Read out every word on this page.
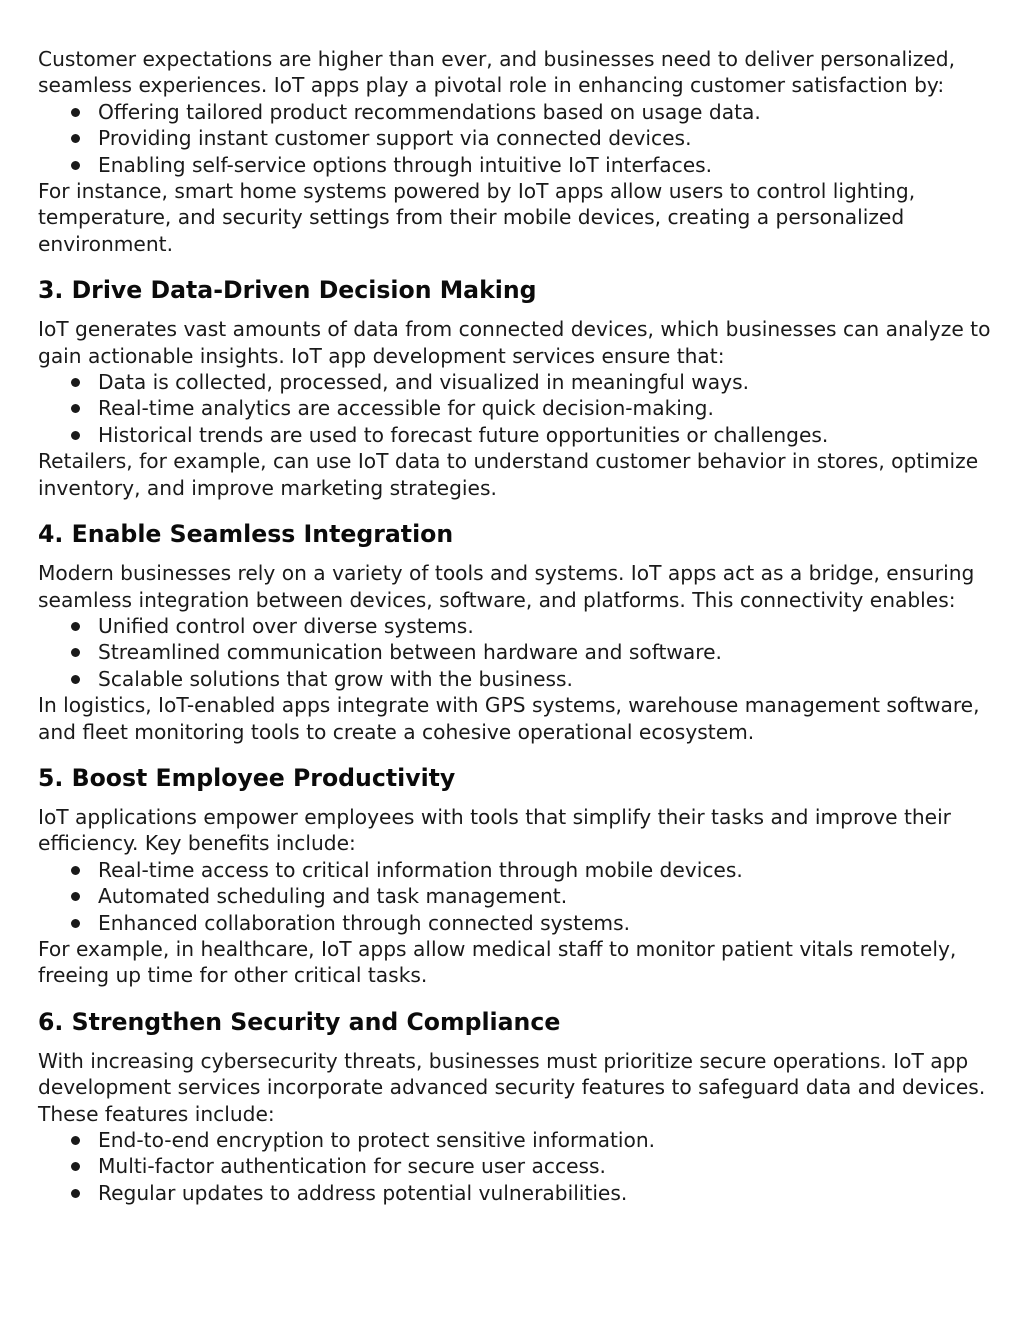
Customer expectations are higher than ever, and businesses need to deliver personalized, seamless experiences. IoT apps play a pivotal role in enhancing customer satisfaction by:

Offering tailored product recommendations based on usage data.
Providing instant customer support via connected devices.
Enabling self-service options through intuitive IoT interfaces.

For instance, smart home systems powered by IoT apps allow users to control lighting, temperature, and security settings from their mobile devices, creating a personalized environment.

3. Drive Data-Driven Decision Making

IoT generates vast amounts of data from connected devices, which businesses can analyze to gain actionable insights. IoT app development services ensure that:

Data is collected, processed, and visualized in meaningful ways.
Real-time analytics are accessible for quick decision-making.
Historical trends are used to forecast future opportunities or challenges.

Retailers, for example, can use IoT data to understand customer behavior in stores, optimize inventory, and improve marketing strategies.

4. Enable Seamless Integration

Modern businesses rely on a variety of tools and systems. IoT apps act as a bridge, ensuring seamless integration between devices, software, and platforms. This connectivity enables:

Unified control over diverse systems.
Streamlined communication between hardware and software.
Scalable solutions that grow with the business.

In logistics, IoT-enabled apps integrate with GPS systems, warehouse management software, and fleet monitoring tools to create a cohesive operational ecosystem.

5. Boost Employee Productivity

IoT applications empower employees with tools that simplify their tasks and improve their efficiency. Key benefits include:

Real-time access to critical information through mobile devices.
Automated scheduling and task management.
Enhanced collaboration through connected systems.

For example, in healthcare, IoT apps allow medical staff to monitor patient vitals remotely, freeing up time for other critical tasks.

6. Strengthen Security and Compliance

With increasing cybersecurity threats, businesses must prioritize secure operations. IoT app development services incorporate advanced security features to safeguard data and devices. These features include:

End-to-end encryption to protect sensitive information.
Multi-factor authentication for secure user access.
Regular updates to address potential vulnerabilities.
